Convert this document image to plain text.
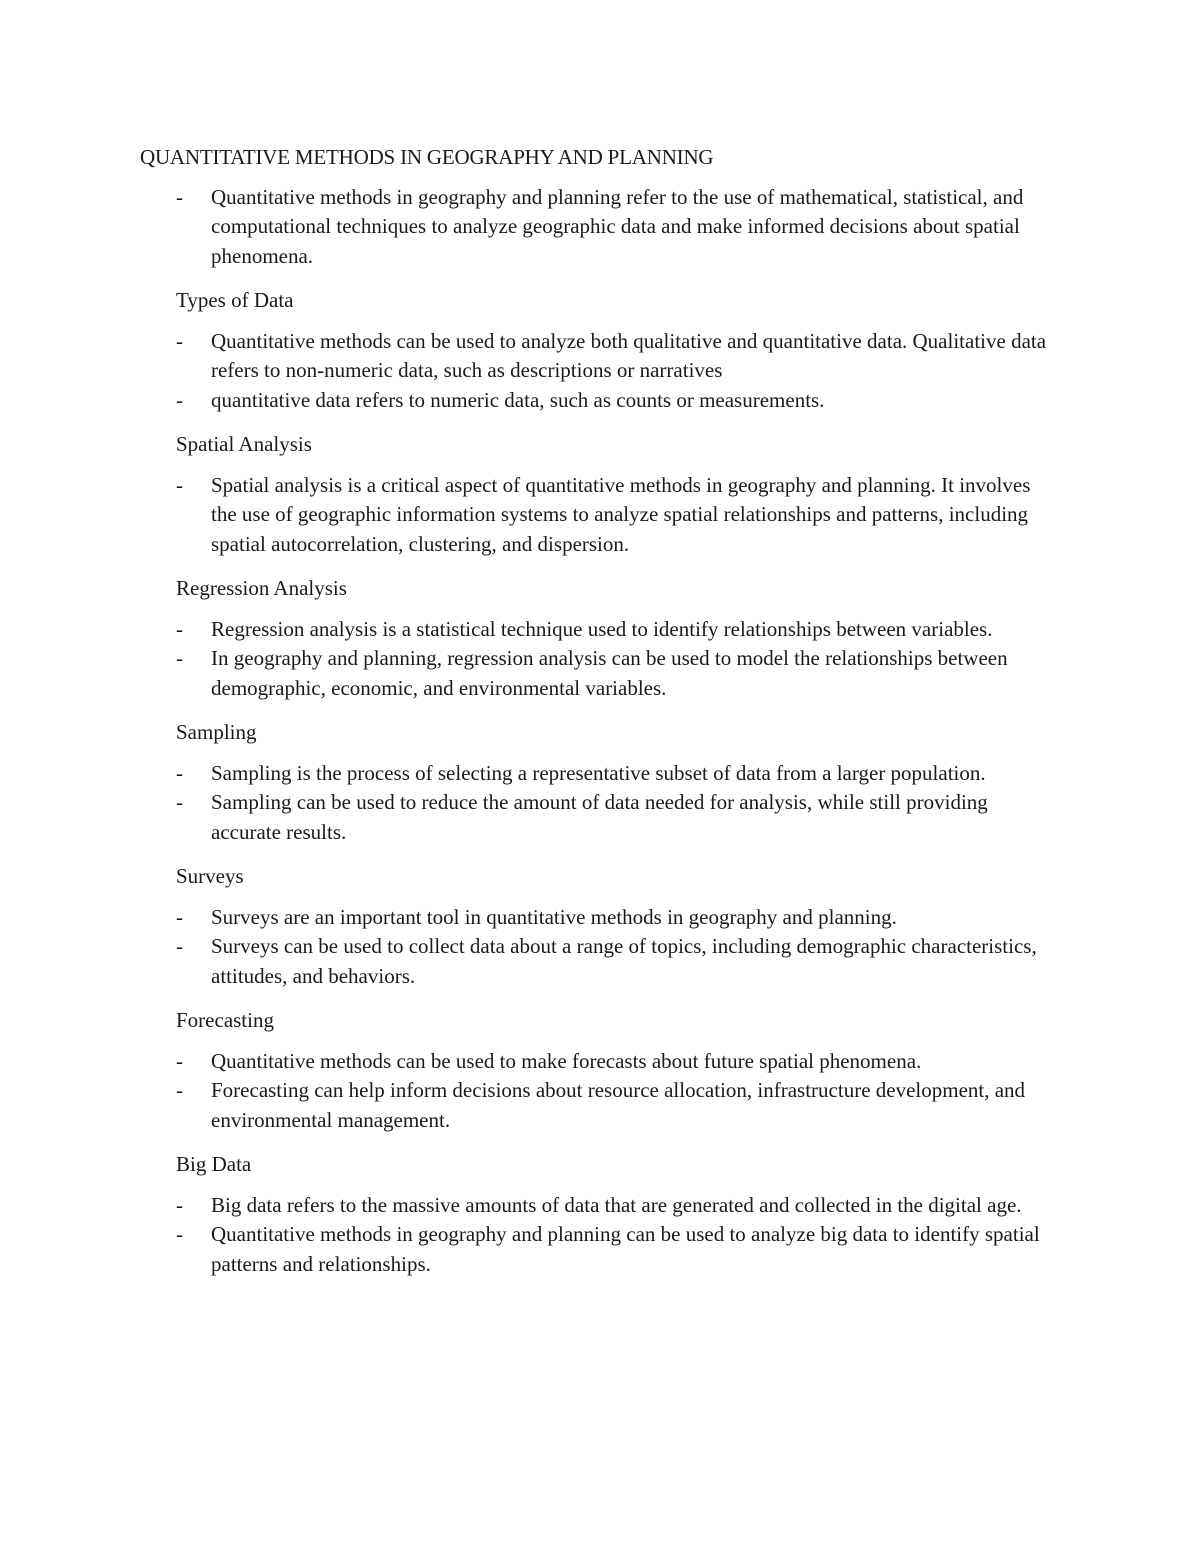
QUANTITATIVE METHODS IN GEOGRAPHY AND PLANNING
- Quantitative methods in geography and planning refer to the use of mathematical, statistical, and computational techniques to analyze geographic data and make informed decisions about spatial phenomena.

Types of Data

- Quantitative methods can be used to analyze both qualitative and quantitative data. Qualitative data refers to non-numeric data, such as descriptions or narratives
- quantitative data refers to numeric data, such as counts or measurements.

Spatial Analysis

- Spatial analysis is a critical aspect of quantitative methods in geography and planning. It involves the use of geographic information systems to analyze spatial relationships and patterns, including spatial autocorrelation, clustering, and dispersion.

Regression Analysis

- Regression analysis is a statistical technique used to identify relationships between variables.
- In geography and planning, regression analysis can be used to model the relationships between demographic, economic, and environmental variables.

Sampling

- Sampling is the process of selecting a representative subset of data from a larger population.
- Sampling can be used to reduce the amount of data needed for analysis, while still providing accurate results.

Surveys

- Surveys are an important tool in quantitative methods in geography and planning.
- Surveys can be used to collect data about a range of topics, including demographic characteristics, attitudes, and behaviors.

Forecasting

- Quantitative methods can be used to make forecasts about future spatial phenomena.
- Forecasting can help inform decisions about resource allocation, infrastructure development, and environmental management.

Big Data

- Big data refers to the massive amounts of data that are generated and collected in the digital age.
- Quantitative methods in geography and planning can be used to analyze big data to identify spatial patterns and relationships.
